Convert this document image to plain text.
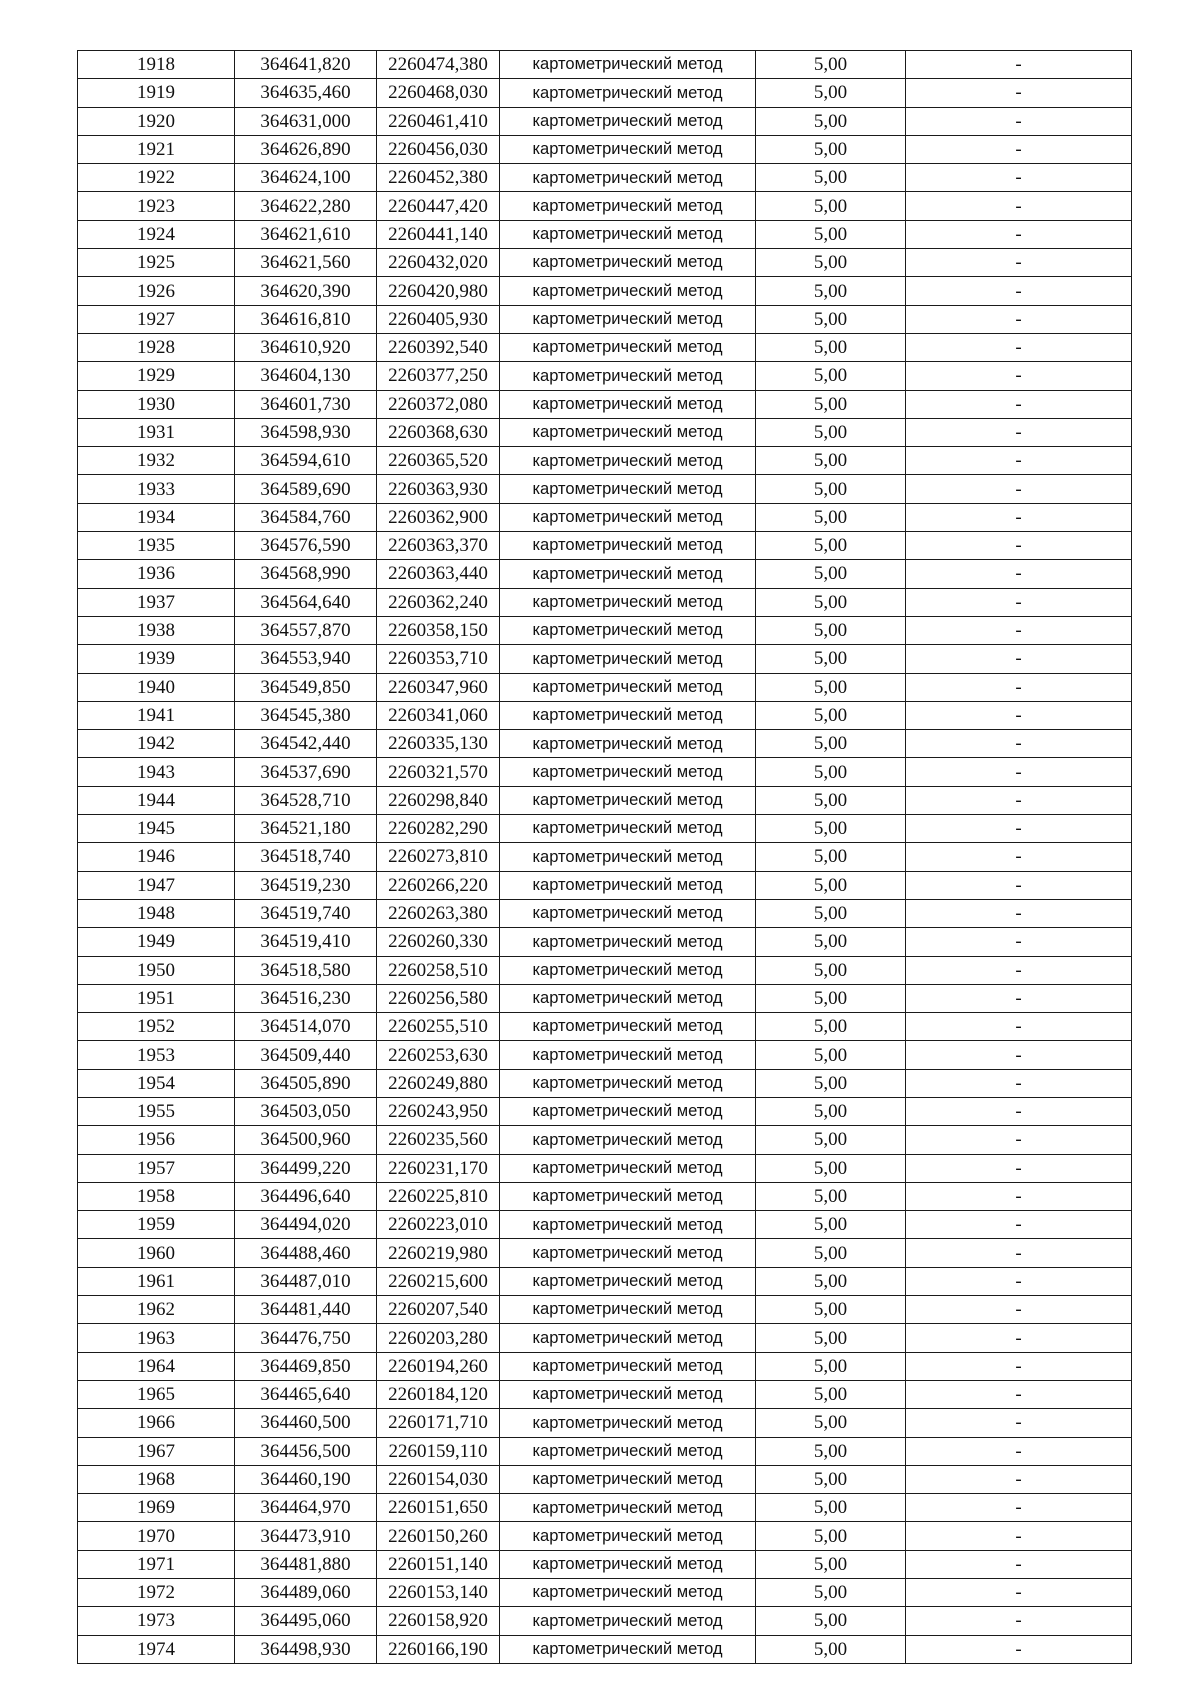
1918	364641,820	2260474,380	картометрический метод	5,00	-
1919	364635,460	2260468,030	картометрический метод	5,00	-
1920	364631,000	2260461,410	картометрический метод	5,00	-
1921	364626,890	2260456,030	картометрический метод	5,00	-
1922	364624,100	2260452,380	картометрический метод	5,00	-
1923	364622,280	2260447,420	картометрический метод	5,00	-
1924	364621,610	2260441,140	картометрический метод	5,00	-
1925	364621,560	2260432,020	картометрический метод	5,00	-
1926	364620,390	2260420,980	картометрический метод	5,00	-
1927	364616,810	2260405,930	картометрический метод	5,00	-
1928	364610,920	2260392,540	картометрический метод	5,00	-
1929	364604,130	2260377,250	картометрический метод	5,00	-
1930	364601,730	2260372,080	картометрический метод	5,00	-
1931	364598,930	2260368,630	картометрический метод	5,00	-
1932	364594,610	2260365,520	картометрический метод	5,00	-
1933	364589,690	2260363,930	картометрический метод	5,00	-
1934	364584,760	2260362,900	картометрический метод	5,00	-
1935	364576,590	2260363,370	картометрический метод	5,00	-
1936	364568,990	2260363,440	картометрический метод	5,00	-
1937	364564,640	2260362,240	картометрический метод	5,00	-
1938	364557,870	2260358,150	картометрический метод	5,00	-
1939	364553,940	2260353,710	картометрический метод	5,00	-
1940	364549,850	2260347,960	картометрический метод	5,00	-
1941	364545,380	2260341,060	картометрический метод	5,00	-
1942	364542,440	2260335,130	картометрический метод	5,00	-
1943	364537,690	2260321,570	картометрический метод	5,00	-
1944	364528,710	2260298,840	картометрический метод	5,00	-
1945	364521,180	2260282,290	картометрический метод	5,00	-
1946	364518,740	2260273,810	картометрический метод	5,00	-
1947	364519,230	2260266,220	картометрический метод	5,00	-
1948	364519,740	2260263,380	картометрический метод	5,00	-
1949	364519,410	2260260,330	картометрический метод	5,00	-
1950	364518,580	2260258,510	картометрический метод	5,00	-
1951	364516,230	2260256,580	картометрический метод	5,00	-
1952	364514,070	2260255,510	картометрический метод	5,00	-
1953	364509,440	2260253,630	картометрический метод	5,00	-
1954	364505,890	2260249,880	картометрический метод	5,00	-
1955	364503,050	2260243,950	картометрический метод	5,00	-
1956	364500,960	2260235,560	картометрический метод	5,00	-
1957	364499,220	2260231,170	картометрический метод	5,00	-
1958	364496,640	2260225,810	картометрический метод	5,00	-
1959	364494,020	2260223,010	картометрический метод	5,00	-
1960	364488,460	2260219,980	картометрический метод	5,00	-
1961	364487,010	2260215,600	картометрический метод	5,00	-
1962	364481,440	2260207,540	картометрический метод	5,00	-
1963	364476,750	2260203,280	картометрический метод	5,00	-
1964	364469,850	2260194,260	картометрический метод	5,00	-
1965	364465,640	2260184,120	картометрический метод	5,00	-
1966	364460,500	2260171,710	картометрический метод	5,00	-
1967	364456,500	2260159,110	картометрический метод	5,00	-
1968	364460,190	2260154,030	картометрический метод	5,00	-
1969	364464,970	2260151,650	картометрический метод	5,00	-
1970	364473,910	2260150,260	картометрический метод	5,00	-
1971	364481,880	2260151,140	картометрический метод	5,00	-
1972	364489,060	2260153,140	картометрический метод	5,00	-
1973	364495,060	2260158,920	картометрический метод	5,00	-
1974	364498,930	2260166,190	картометрический метод	5,00	-
